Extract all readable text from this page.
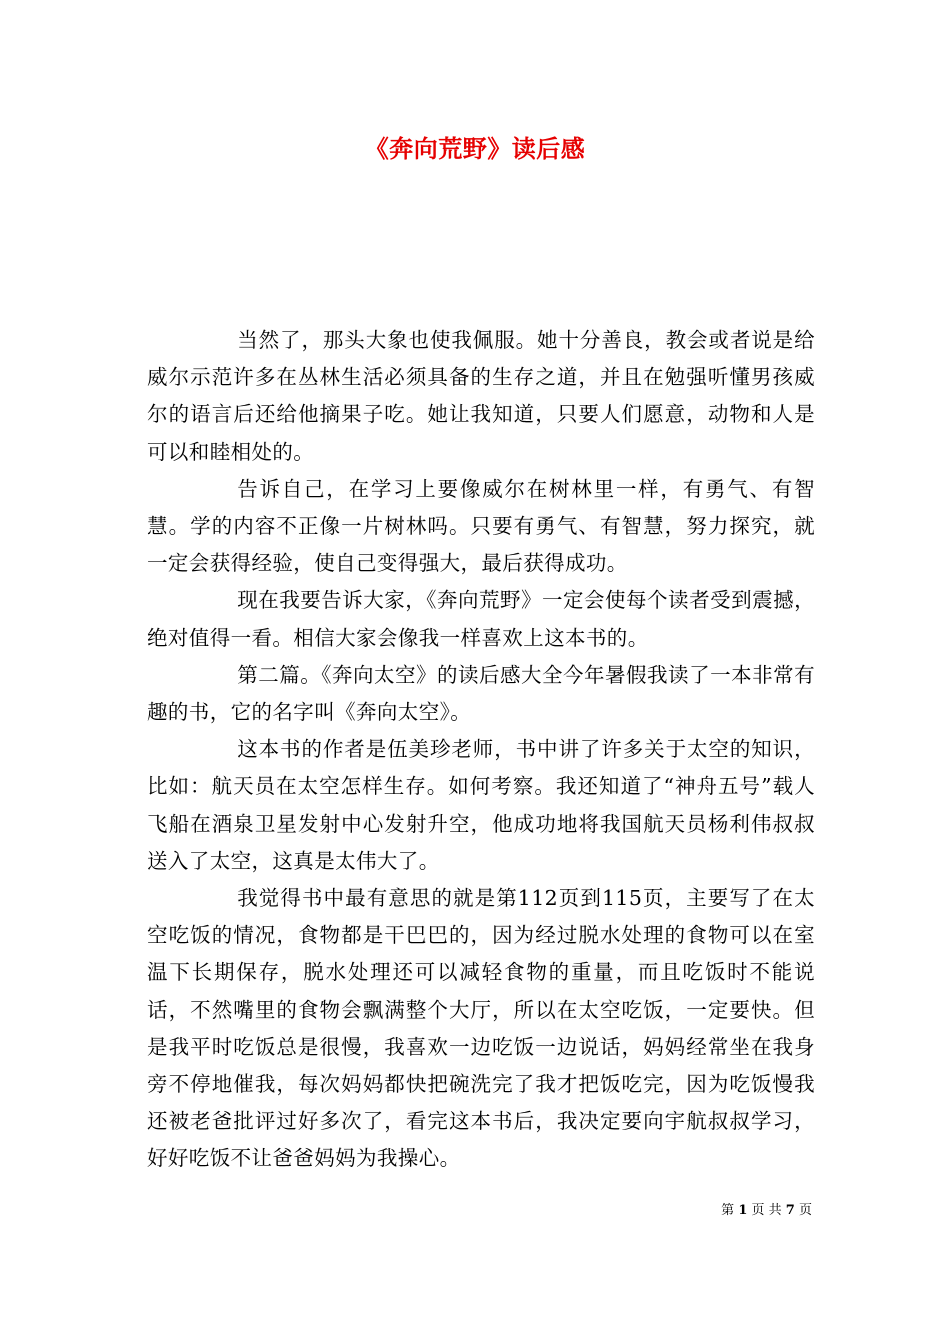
《奔向荒野》读后感

当然了，那头大象也使我佩服。她十分善良，教会或者说是给威尔示范许多在丛林生活必须具备的生存之道，并且在勉强听懂男孩威尔的语言后还给他摘果子吃。她让我知道，只要人们愿意，动物和人是可以和睦相处的。

告诉自己，在学习上要像威尔在树林里一样，有勇气、有智慧。学的内容不正像一片树林吗。只要有勇气、有智慧，努力探究，就一定会获得经验，使自己变得强大，最后获得成功。

现在我要告诉大家，《奔向荒野》一定会使每个读者受到震撼，绝对值得一看。相信大家会像我一样喜欢上这本书的。

第二篇。《奔向太空》的读后感大全今年暑假我读了一本非常有趣的书，它的名字叫《奔向太空》。

这本书的作者是伍美珍老师，书中讲了许多关于太空的知识，比如：航天员在太空怎样生存。如何考察。我还知道了“神舟五号”载人飞船在酒泉卫星发射中心发射升空，他成功地将我国航天员杨利伟叔叔送入了太空，这真是太伟大了。

我觉得书中最有意思的就是第112页到115页，主要写了在太空吃饭的情况，食物都是干巴巴的，因为经过脱水处理的食物可以在室温下长期保存，脱水处理还可以减轻食物的重量，而且吃饭时不能说话，不然嘴里的食物会飘满整个大厅，所以在太空吃饭，一定要快。但是我平时吃饭总是很慢，我喜欢一边吃饭一边说话，妈妈经常坐在我身旁不停地催我，每次妈妈都快把碗洗完了我才把饭吃完，因为吃饭慢我还被老爸批评过好多次了，看完这本书后，我决定要向宇航叔叔学习，好好吃饭不让爸爸妈妈为我操心。

第 1 页 共 7 页
